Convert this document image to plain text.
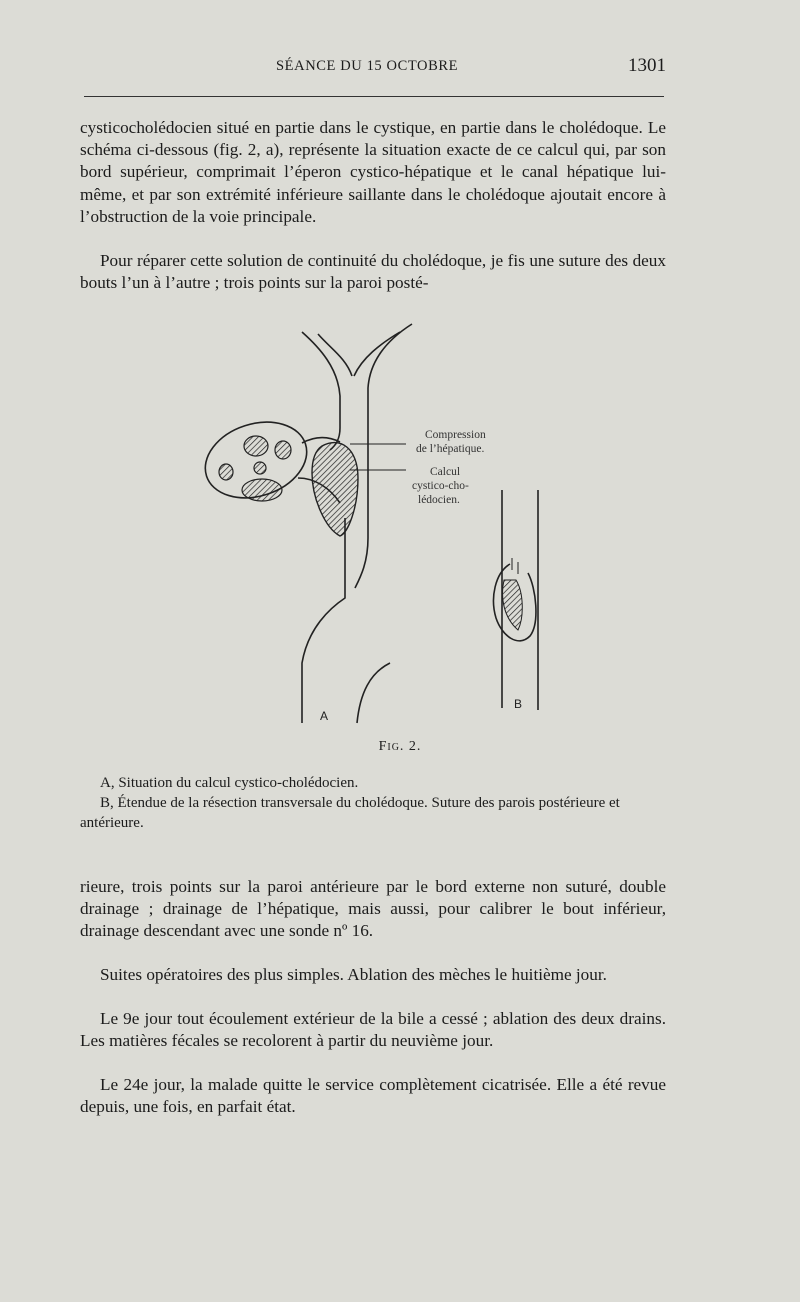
SÉANCE DU 15 OCTOBRE	1301

cysticocholédocien situé en partie dans le cystique, en partie dans le cholédoque. Le schéma ci-dessous (fig. 2, a), représente la situation exacte de ce calcul qui, par son bord supérieur, comprimait l’éperon cystico-hépatique et le canal hépatique lui-même, et par son extrémité inférieure saillante dans le cholédoque ajoutait encore à l’obstruction de la voie principale.

Pour réparer cette solution de continuité du cholédoque, je fis une suture des deux bouts l’un à l’autre ; trois points sur la paroi posté-

Compression
de l’hépatique.
Calcul
cystico-cho-
lédocien.
A
B
Fig. 2.

A, Situation du calcul cystico-cholédocien.

B, Étendue de la résection transversale du cholédoque. Suture des parois postérieure et antérieure.

rieure, trois points sur la paroi antérieure par le bord externe non suturé, double drainage ; drainage de l’hépatique, mais aussi, pour calibrer le bout inférieur, drainage descendant avec une sonde nº 16.

Suites opératoires des plus simples. Ablation des mèches le huitième jour.

Le 9e jour tout écoulement extérieur de la bile a cessé ; ablation des deux drains. Les matières fécales se recolorent à partir du neuvième jour.

Le 24e jour, la malade quitte le service complètement cicatrisée. Elle a été revue depuis, une fois, en parfait état.
